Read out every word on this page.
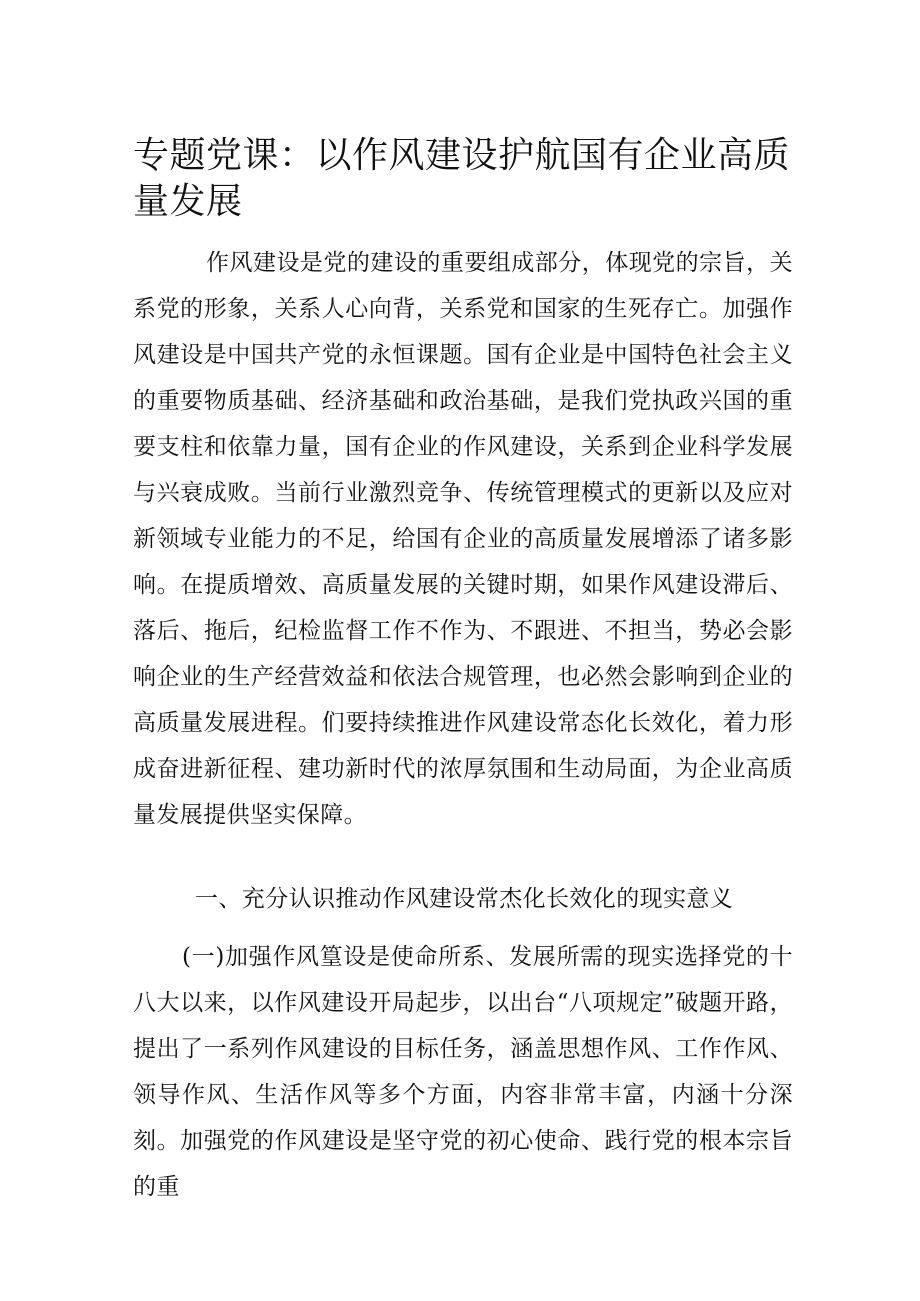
专题党课：以作风建设护航国有企业高质量发展

作风建设是党的建设的重要组成部分，体现党的宗旨，关系党的形象，关系人心向背，关系党和国家的生死存亡。加强作风建设是中国共产党的永恒课题。国有企业是中国特色社会主义的重要物质基础、经济基础和政治基础，是我们党执政兴国的重要支柱和依靠力量，国有企业的作风建设，关系到企业科学发展与兴衰成败。当前行业激烈竞争、传统管理模式的更新以及应对新领域专业能力的不足，给国有企业的高质量发展增添了诸多影响。在提质增效、高质量发展的关键时期，如果作风建设滞后、落后、拖后，纪检监督工作不作为、不跟进、不担当，势必会影响企业的生产经营效益和依法合规管理，也必然会影响到企业的高质量发展进程。们要持续推进作风建设常态化长效化，着力形成奋进新征程、建功新时代的浓厚氛围和生动局面，为企业高质量发展提供坚实保障。

一、充分认识推动作风建设常杰化长效化的现实意义

(一)加强作风篁设是使命所系、发展所需的现实选择党的十八大以来，以作风建设开局起步，以出台“八项规定”破题开路，提出了一系列作风建设的目标任务，涵盖思想作风、工作作风、领导作风、生活作风等多个方面，内容非常丰富，内涵十分深刻。加强党的作风建设是坚守党的初心使命、践行党的根本宗旨的重
